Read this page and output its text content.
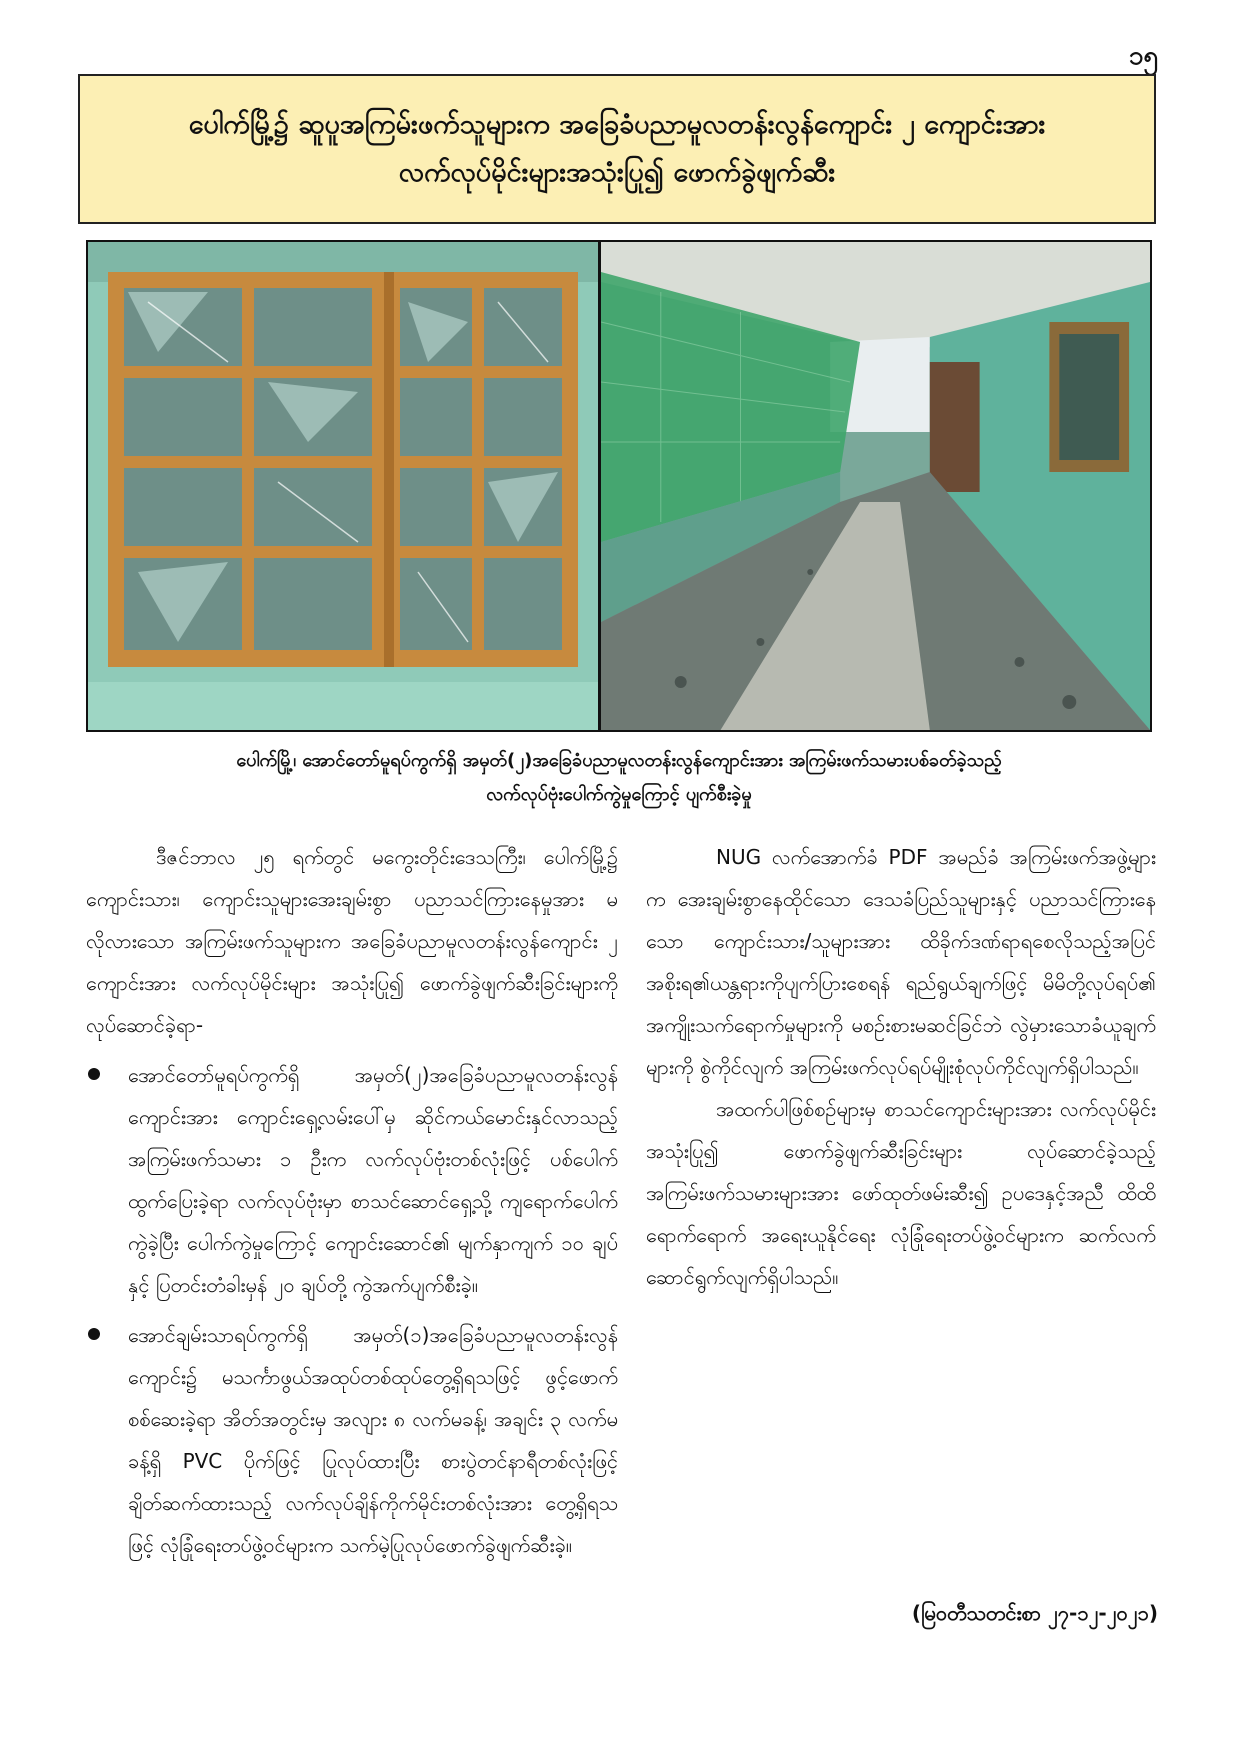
၁၅
ပေါက်မြို့၌ ဆူပူအကြမ်းဖက်သူများက အခြေခံပညာမူလတန်းလွန်ကျောင်း ၂ ကျောင်းအား
လက်လုပ်မိုင်းများအသုံးပြု၍ ဖောက်ခွဲဖျက်ဆီး
ပေါက်မြို့၊ အောင်တော်မူရပ်ကွက်ရှိ အမှတ်(၂)အခြေခံပညာမူလတန်းလွန်ကျောင်းအား အကြမ်းဖက်သမားပစ်ခတ်ခဲ့သည့်
လက်လုပ်ဗုံးပေါက်ကွဲမှုကြောင့် ပျက်စီးခဲ့မှု

ဒီဇင်ဘာလ ၂၅ ရက်တွင် မကွေးတိုင်းဒေသကြီး၊ ပေါက်မြို့၌ ကျောင်းသား၊ ကျောင်းသူများအေးချမ်းစွာ ပညာသင်ကြားနေမှုအား မလိုလားသော အကြမ်းဖက်သူများက အခြေခံပညာမူလတန်းလွန်ကျောင်း ၂ ကျောင်းအား လက်လုပ်မိုင်းများ အသုံးပြု၍ ဖောက်ခွဲဖျက်ဆီးခြင်းများကို လုပ်ဆောင်ခဲ့ရာ-

အောင်တော်မူရပ်ကွက်ရှိ အမှတ်(၂)အခြေခံပညာမူလတန်းလွန်ကျောင်းအား ကျောင်းရှေ့လမ်းပေါ်မှ ဆိုင်ကယ်မောင်းနှင်လာသည့် အကြမ်းဖက်သမား ၁ ဦးက လက်လုပ်ဗုံးတစ်လုံးဖြင့် ပစ်ပေါက်ထွက်ပြေးခဲ့ရာ လက်လုပ်ဗုံးမှာ စာသင်ဆောင်ရှေ့သို့ ကျရောက်ပေါက်ကွဲခဲ့ပြီး ပေါက်ကွဲမှုကြောင့် ကျောင်းဆောင်၏ မျက်နှာကျက် ၁၀ ချပ်နှင့် ပြတင်းတံခါးမှန် ၂၀ ချပ်တို့ ကွဲအက်ပျက်စီးခဲ့။
အောင်ချမ်းသာရပ်ကွက်ရှိ အမှတ်(၁)အခြေခံပညာမူလတန်းလွန်ကျောင်း၌ မသင်္ကာဖွယ်အထုပ်တစ်ထုပ်တွေ့ရှိရသဖြင့် ဖွင့်ဖောက်စစ်ဆေးခဲ့ရာ အိတ်အတွင်းမှ အလျား ၈ လက်မခန့်၊ အချင်း ၃ လက်မခန့်ရှိ PVC ပိုက်ဖြင့် ပြုလုပ်ထားပြီး စားပွဲတင်နာရီတစ်လုံးဖြင့် ချိတ်ဆက်ထားသည့် လက်လုပ်ချိန်ကိုက်မိုင်းတစ်လုံးအား တွေ့ရှိရသဖြင့် လုံခြုံရေးတပ်ဖွဲ့ဝင်များက သက်မဲ့ပြုလုပ်ဖောက်ခွဲဖျက်ဆီးခဲ့။

NUG လက်အောက်ခံ PDF အမည်ခံ အကြမ်းဖက်အဖွဲ့များက အေးချမ်းစွာနေထိုင်သော ဒေသခံပြည်သူများနှင့် ပညာသင်ကြားနေသော ကျောင်းသား/သူများအား ထိခိုက်ဒဏ်ရာရစေလိုသည့်အပြင် အစိုးရ၏ယန္တရားကိုပျက်ပြားစေရန် ရည်ရွယ်ချက်ဖြင့် မိမိတို့လုပ်ရပ်၏ အကျိုးသက်ရောက်မှုများကို မစဉ်းစားမဆင်ခြင်ဘဲ လွဲမှားသောခံယူချက်များကို စွဲကိုင်လျက် အကြမ်းဖက်လုပ်ရပ်မျိုးစုံလုပ်ကိုင်လျက်ရှိပါသည်။

အထက်ပါဖြစ်စဉ်များမှ စာသင်ကျောင်းများအား လက်လုပ်မိုင်းအသုံးပြု၍ ဖောက်ခွဲဖျက်ဆီးခြင်းများ လုပ်ဆောင်ခဲ့သည့် အကြမ်းဖက်သမားများအား ဖော်ထုတ်ဖမ်းဆီး၍ ဥပဒေနှင့်အညီ ထိထိရောက်ရောက် အရေးယူနိုင်ရေး လုံခြုံရေးတပ်ဖွဲ့ဝင်များက ဆက်လက်ဆောင်ရွက်လျက်ရှိပါသည်။

(မြဝတီသတင်းစာ ၂၇-၁၂-၂၀၂၁)
